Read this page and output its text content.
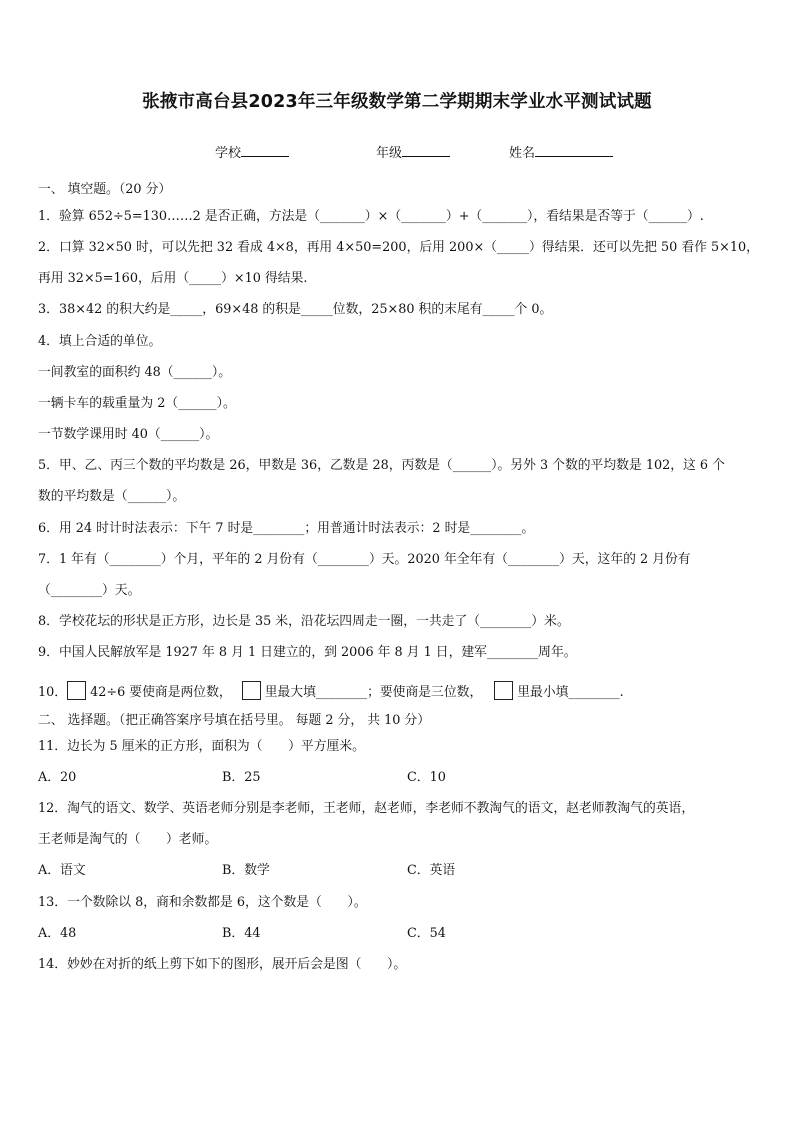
张掖市高台县2023年三年级数学第二学期期末学业水平测试试题
学校	年级	姓名
一、 填空题。（20 分）
1．验算 652÷5=130……2 是否正确，方法是（_______）×（_______）+（_______），看结果是否等于（______）.
2．口算 32×50 时，可以先把 32 看成 4×8，再用 4×50=200，后用 200×（_____）得结果．还可以先把 50 看作 5×10，
再用 32×5=160，后用（_____）×10 得结果.
3．38×42 的积大约是_____，69×48 的积是_____位数，25×80 积的末尾有_____个 0。
4．填上合适的单位。
一间教室的面积约 48（______）。
一辆卡车的载重量为 2（______）。
一节数学课用时 40（______）。
5．甲、乙、丙三个数的平均数是 26，甲数是 36，乙数是 28，丙数是（______）。另外 3 个数的平均数是 102，这 6 个
数的平均数是（______）。
6．用 24 时计时法表示：下午 7 时是________；用普通计时法表示：2 时是________。
7．1 年有（________）个月，平年的 2 月份有（________）天。2020 年全年有（________）天，这年的 2 月份有
（________）天。
8．学校花坛的形状是正方形，边长是 35 米，沿花坛四周走一圈，一共走了（________）米。
9．中国人民解放军是 1927 年 8 月 1 日建立的，到 2006 年 8 月 1 日，建军________周年。
10． 42÷6 要使商是两位数，	里最大填________；要使商是三位数，	里最小填________.
二、 选择题。（把正确答案序号填在括号里。 每题 2 分， 共 10 分）
11．边长为 5 厘米的正方形，面积为（　　）平方厘米。
A．20	B．25	C．10
12．淘气的语文、数学、英语老师分别是李老师，王老师，赵老师，李老师不教淘气的语文，赵老师教淘气的英语，
王老师是淘气的（　　）老师。
A．语文	B．数学	C．英语
13．一个数除以 8，商和余数都是 6，这个数是（　　）。
A．48	B．44	C．54
14．妙妙在对折的纸上剪下如下的图形，展开后会是图（　　）。
